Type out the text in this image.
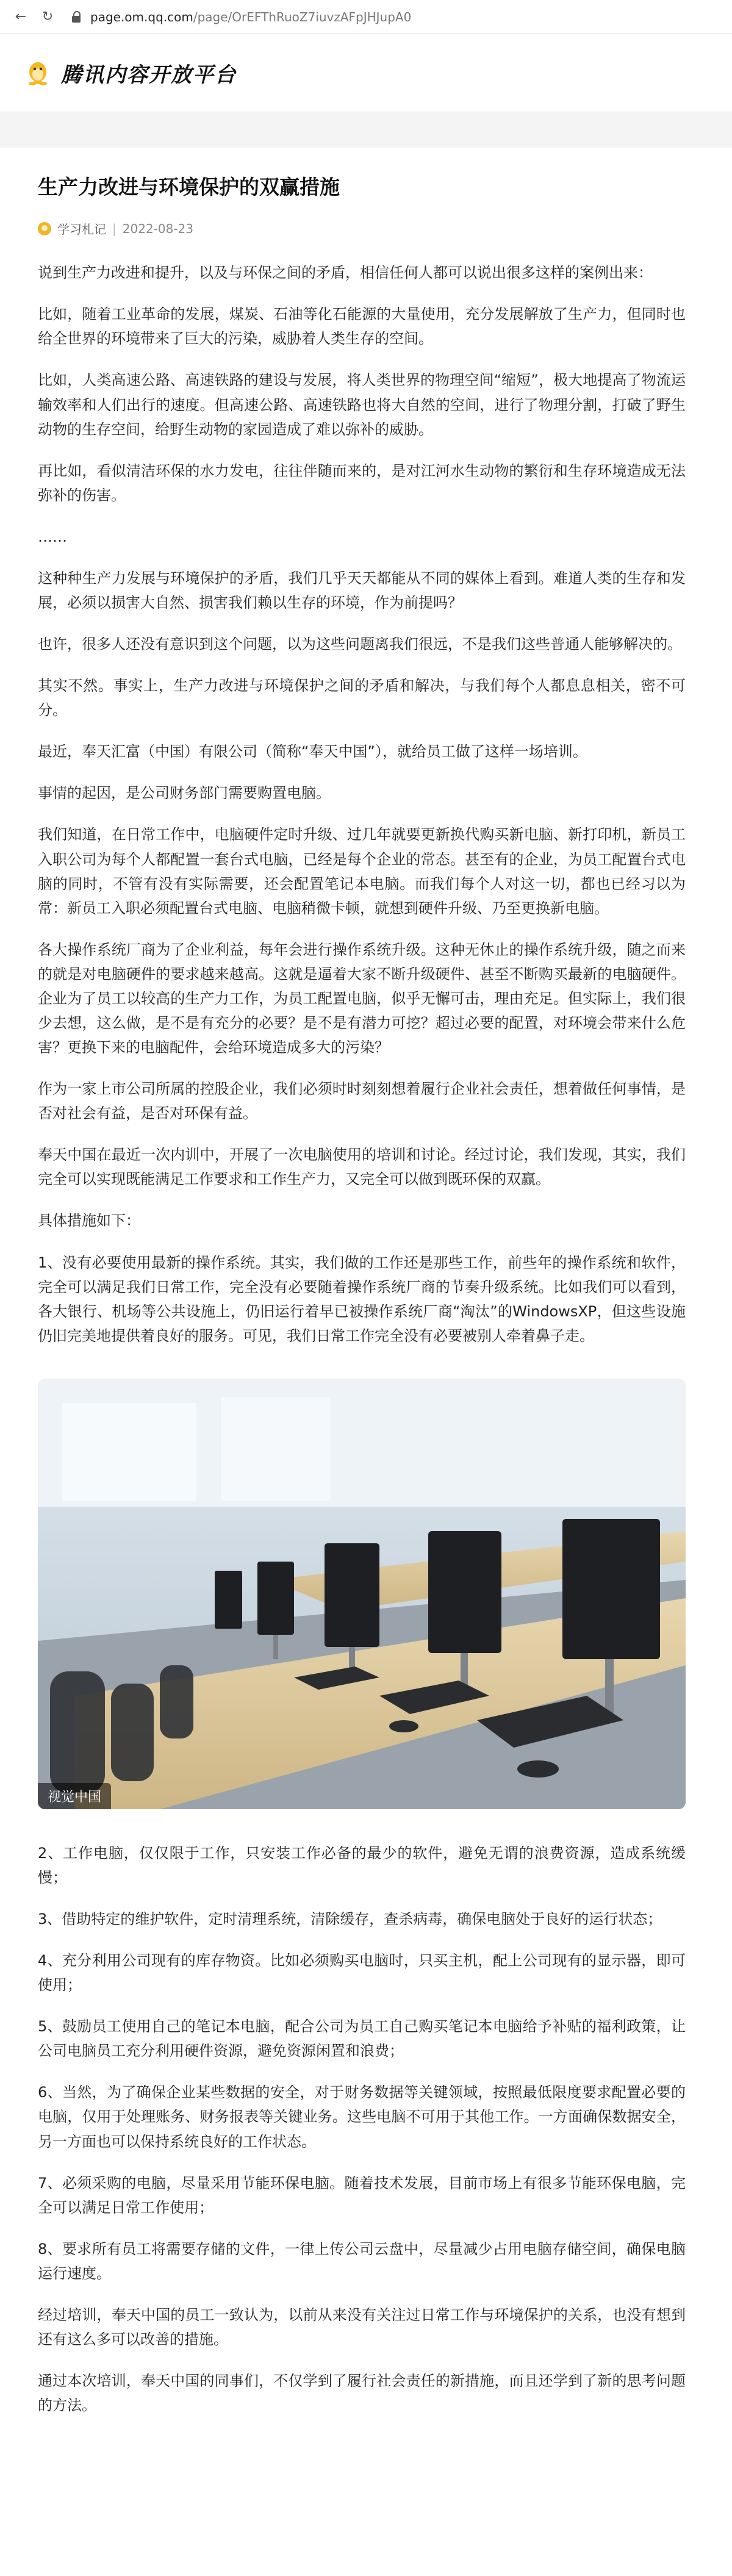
← ↻	page.om.qq.com /page/OrEFThRuoZ7iuvzAFpJHJupA0
腾讯内容开放平台
生产力改进与环境保护的双赢措施
学习札记 | 2022-08-23

说到生产力改进和提升，以及与环保之间的矛盾，相信任何人都可以说出很多这样的案例出来：

比如，随着工业革命的发展，煤炭、石油等化石能源的大量使用，充分发展解放了生产力，但同时也给全世界的环境带来了巨大的污染，威胁着人类生存的空间。

比如，人类高速公路、高速铁路的建设与发展，将人类世界的物理空间“缩短”，极大地提高了物流运输效率和人们出行的速度。但高速公路、高速铁路也将大自然的空间，进行了物理分割，打破了野生动物的生存空间，给野生动物的家园造成了难以弥补的威胁。

再比如，看似清洁环保的水力发电，往往伴随而来的，是对江河水生动物的繁衍和生存环境造成无法弥补的伤害。

……

这种种生产力发展与环境保护的矛盾，我们几乎天天都能从不同的媒体上看到。难道人类的生存和发展，必须以损害大自然、损害我们赖以生存的环境，作为前提吗？

也许，很多人还没有意识到这个问题，以为这些问题离我们很远，不是我们这些普通人能够解决的。

其实不然。事实上，生产力改进与环境保护之间的矛盾和解决，与我们每个人都息息相关，密不可分。

最近，奉天汇富（中国）有限公司（简称“奉天中国”），就给员工做了这样一场培训。

事情的起因，是公司财务部门需要购置电脑。

我们知道，在日常工作中，电脑硬件定时升级、过几年就要更新换代购买新电脑、新打印机，新员工入职公司为每个人都配置一套台式电脑，已经是每个企业的常态。甚至有的企业，为员工配置台式电脑的同时，不管有没有实际需要，还会配置笔记本电脑。而我们每个人对这一切，都也已经习以为常：新员工入职必须配置台式电脑、电脑稍微卡顿，就想到硬件升级、乃至更换新电脑。

各大操作系统厂商为了企业利益，每年会进行操作系统升级。这种无休止的操作系统升级，随之而来的就是对电脑硬件的要求越来越高。这就是逼着大家不断升级硬件、甚至不断购买最新的电脑硬件。企业为了员工以较高的生产力工作，为员工配置电脑，似乎无懈可击，理由充足。但实际上，我们很少去想，这么做，是不是有充分的必要？是不是有潜力可挖？超过必要的配置，对环境会带来什么危害？更换下来的电脑配件，会给环境造成多大的污染？

作为一家上市公司所属的控股企业，我们必须时时刻刻想着履行企业社会责任，想着做任何事情，是否对社会有益，是否对环保有益。

奉天中国在最近一次内训中，开展了一次电脑使用的培训和讨论。经过讨论，我们发现，其实，我们完全可以实现既能满足工作要求和工作生产力，又完全可以做到既环保的双赢。

具体措施如下：

1、没有必要使用最新的操作系统。其实，我们做的工作还是那些工作，前些年的操作系统和软件，完全可以满足我们日常工作，完全没有必要随着操作系统厂商的节奏升级系统。比如我们可以看到，各大银行、机场等公共设施上，仍旧运行着早已被操作系统厂商“淘汰”的WindowsXP，但这些设施仍旧完美地提供着良好的服务。可见，我们日常工作完全没有必要被别人牵着鼻子走。

视觉中国

2、工作电脑，仅仅限于工作，只安装工作必备的最少的软件，避免无谓的浪费资源，造成系统缓慢；

3、借助特定的维护软件，定时清理系统，清除缓存，查杀病毒，确保电脑处于良好的运行状态；

4、充分利用公司现有的库存物资。比如必须购买电脑时，只买主机，配上公司现有的显示器，即可使用；

5、鼓励员工使用自己的笔记本电脑，配合公司为员工自己购买笔记本电脑给予补贴的福利政策，让公司电脑员工充分利用硬件资源，避免资源闲置和浪费；

6、当然，为了确保企业某些数据的安全，对于财务数据等关键领域，按照最低限度要求配置必要的电脑，仅用于处理账务、财务报表等关键业务。这些电脑不可用于其他工作。一方面确保数据安全，另一方面也可以保持系统良好的工作状态。

7、必须采购的电脑，尽量采用节能环保电脑。随着技术发展，目前市场上有很多节能环保电脑，完全可以满足日常工作使用；

8、要求所有员工将需要存储的文件，一律上传公司云盘中，尽量减少占用电脑存储空间，确保电脑运行速度。

经过培训，奉天中国的员工一致认为，以前从来没有关注过日常工作与环境保护的关系，也没有想到还有这么多可以改善的措施。

通过本次培训，奉天中国的同事们，不仅学到了履行社会责任的新措施，而且还学到了新的思考问题的方法。
